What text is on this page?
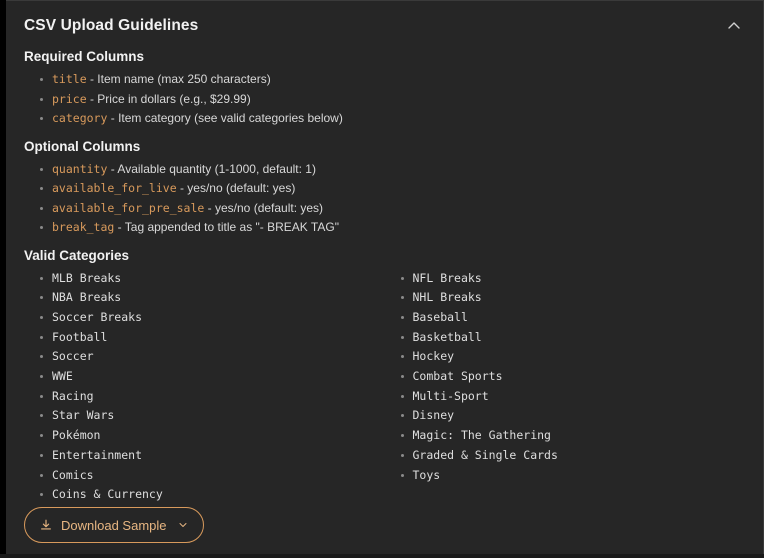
CSV Upload Guidelines
Required Columns
title - Item name (max 250 characters)
price - Price in dollars (e.g., $29.99)
category - Item category (see valid categories below)
Optional Columns
quantity - Available quantity (1-1000, default: 1)
available_for_live - yes/no (default: yes)
available_for_pre_sale - yes/no (default: yes)
break_tag - Tag appended to title as "- BREAK TAG"
Valid Categories
MLB Breaks
NBA Breaks
Soccer Breaks
Football
Soccer
WWE
Racing
Star Wars
Pokémon
Entertainment
Comics
Coins & Currency
NFL Breaks
NHL Breaks
Baseball
Basketball
Hockey
Combat Sports
Multi-Sport
Disney
Magic: The Gathering
Graded & Single Cards
Toys
Download Sample
